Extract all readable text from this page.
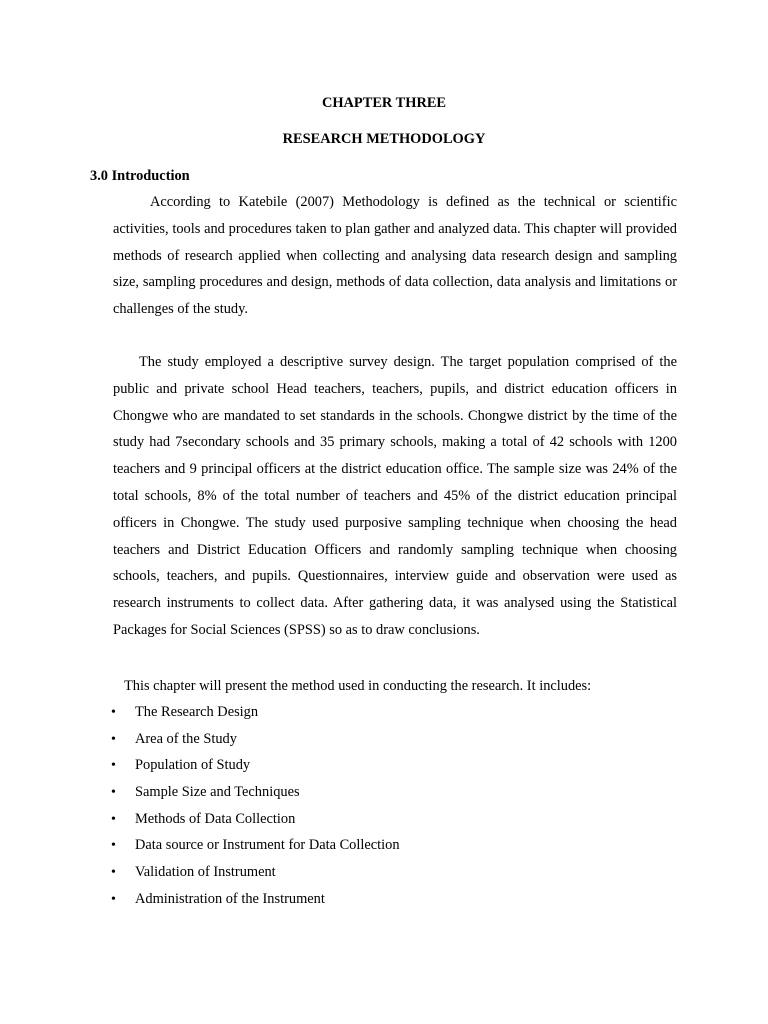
CHAPTER THREE
RESEARCH METHODOLOGY
3.0 Introduction

According to Katebile (2007) Methodology is defined as the technical or scientific activities, tools and procedures taken to plan gather and analyzed data. This chapter will provided methods of research applied when collecting and analysing data research design and sampling size, sampling procedures and design, methods of data collection, data analysis and limitations or challenges of the study.

The study employed a descriptive survey design. The target population comprised of the public and private school Head teachers, teachers, pupils, and district education officers in Chongwe who are mandated to set standards in the schools. Chongwe district by the time of the study had 7secondary schools and 35 primary schools, making a total of 42 schools with 1200 teachers and 9 principal officers at the district education office. The sample size was 24% of the total schools, 8% of the total number of teachers and 45% of the district education principal officers in Chongwe. The study used purposive sampling technique when choosing the head teachers and District Education Officers and randomly sampling technique when choosing schools, teachers, and pupils. Questionnaires, interview guide and observation were used as research instruments to collect data. After gathering data, it was analysed using the Statistical Packages for Social Sciences (SPSS) so as to draw conclusions.

This chapter will present the method used in conducting the research. It includes:

• The Research Design
• Area of the Study
• Population of Study
• Sample Size and Techniques
• Methods of Data Collection
• Data source or Instrument for Data Collection
• Validation of Instrument
• Administration of the Instrument
